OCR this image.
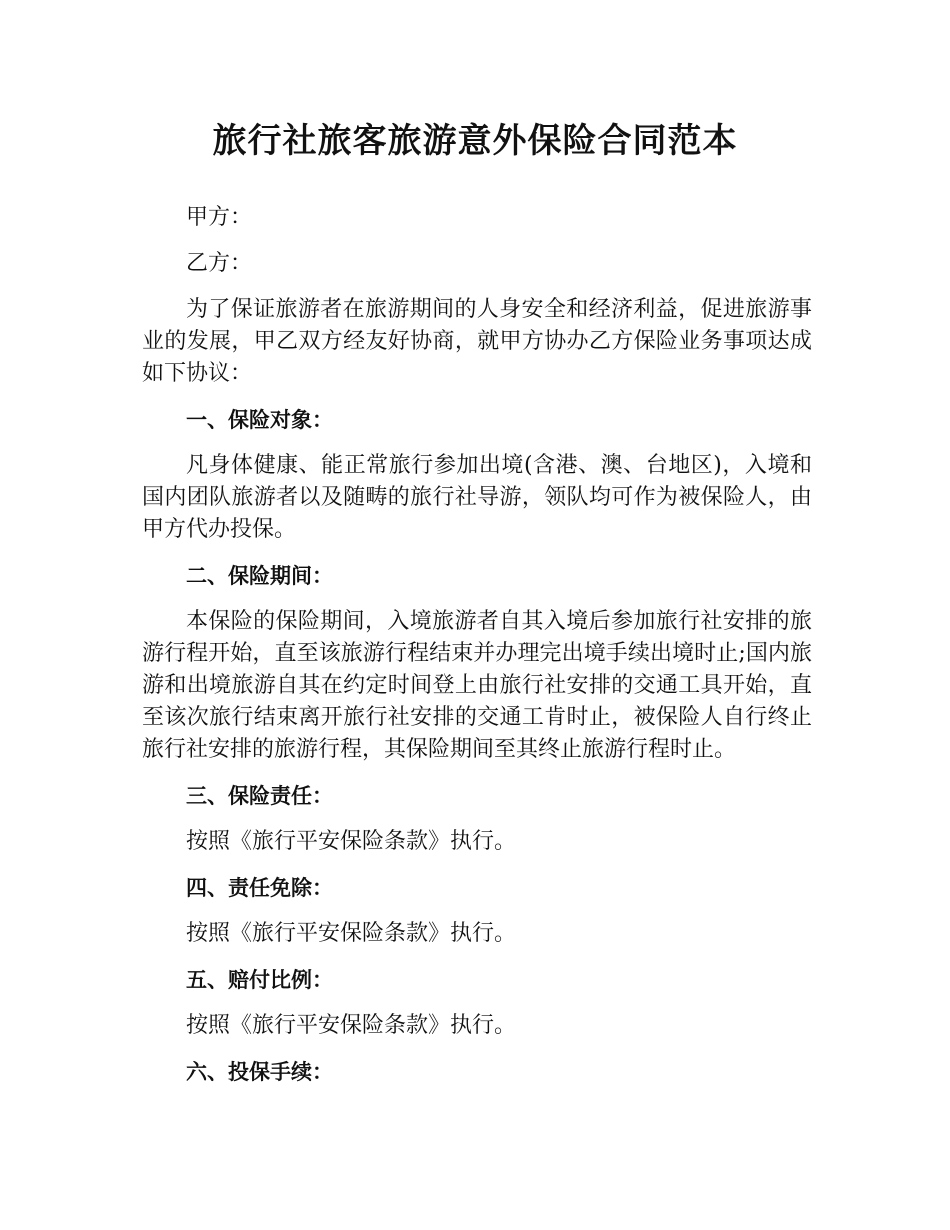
旅行社旅客旅游意外保险合同范本

甲方：

乙方：

为了保证旅游者在旅游期间的人身安全和经济利益，促进旅游事业的发展，甲乙双方经友好协商，就甲方协办乙方保险业务事项达成如下协议：

一、保险对象：

凡身体健康、能正常旅行参加出境(含港、澳、台地区)，入境和国内团队旅游者以及随畴的旅行社导游，领队均可作为被保险人，由甲方代办投保。

二、保险期间：

本保险的保险期间，入境旅游者自其入境后参加旅行社安排的旅游行程开始，直至该旅游行程结束并办理完出境手续出境时止;国内旅游和出境旅游自其在约定时间登上由旅行社安排的交通工具开始，直至该次旅行结束离开旅行社安排的交通工肯时止，被保险人自行终止旅行社安排的旅游行程，其保险期间至其终止旅游行程时止。

三、保险责任：

按照《旅行平安保险条款》执行。

四、责任免除：

按照《旅行平安保险条款》执行。

五、赔付比例：

按照《旅行平安保险条款》执行。

六、投保手续：
